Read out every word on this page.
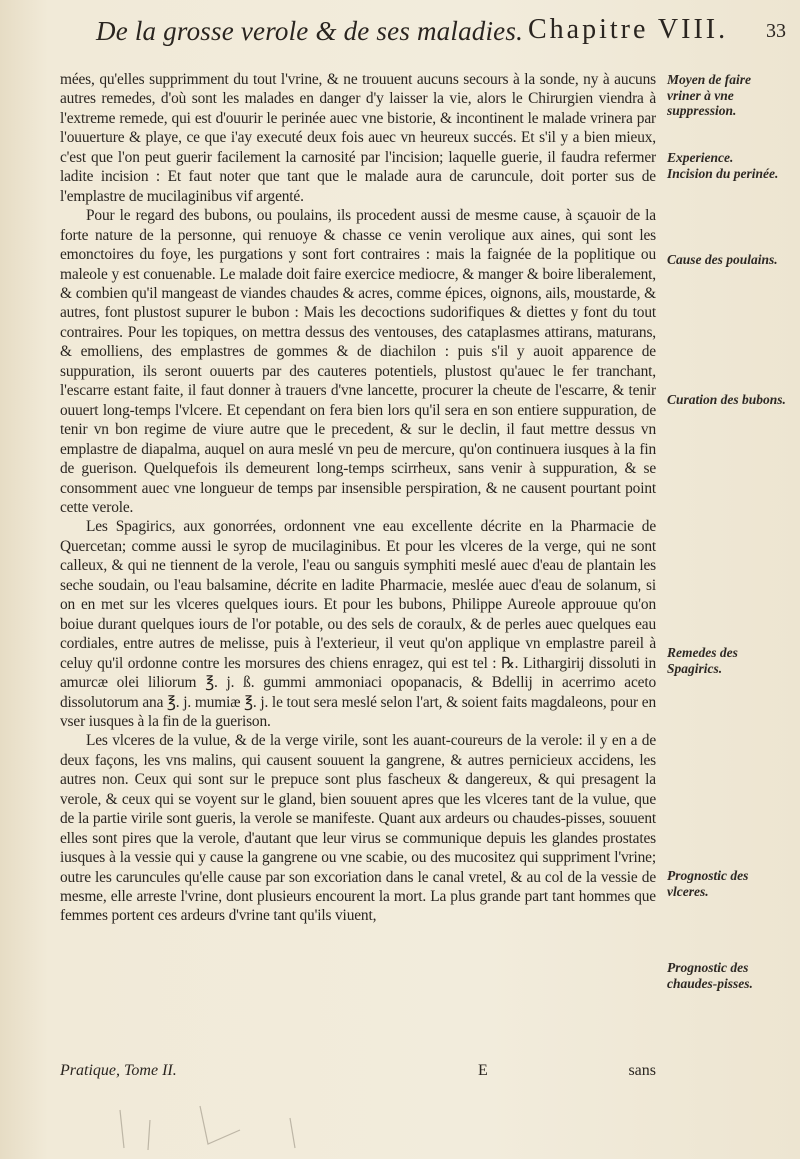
De la grosse verole & de ses maladies. Chapitre VIII. 33

mées, qu'elles supprimment du tout l'vrine, & ne trouuent aucuns secours à la sonde, ny à aucuns autres remedes, d'où sont les malades en danger d'y laisser la vie, alors le Chirurgien viendra à l'extreme remede, qui est d'ouurir le perinée auec vne bistorie, & incontinent le malade vrinera par l'ouuerture & playe, ce que i'ay executé deux fois auec vn heureux succés. Et s'il y a bien mieux, c'est que l'on peut guerir facilement la carnosité par l'incision; laquelle guerie, il faudra refermer ladite incision : Et faut noter que tant que le malade aura de caruncule, doit porter sus de l'emplastre de mucilaginibus vif argenté.

Pour le regard des bubons, ou poulains, ils procedent aussi de mesme cause, à sçauoir de la forte nature de la personne, qui renuoye & chasse ce venin verolique aux aines, qui sont les emonctoires du foye, les purgations y sont fort contraires : mais la faignée de la poplitique ou maleole y est conuenable. Le malade doit faire exercice mediocre, & manger & boire liberalement, & combien qu'il mangeast de viandes chaudes & acres, comme épices, oignons, ails, moustarde, & autres, font plustost supurer le bubon : Mais les decoctions sudorifiques & diettes y font du tout contraires. Pour les topiques, on mettra dessus des ventouses, des cataplasmes attirans, maturans, & emolliens, des emplastres de gommes & de diachilon : puis s'il y auoit apparence de suppuration, ils seront ouuerts par des cauteres potentiels, plustost qu'auec le fer tranchant, l'escarre estant faite, il faut donner à trauers d'vne lancette, procurer la cheute de l'escarre, & tenir ouuert long-temps l'vlcere. Et cependant on fera bien lors qu'il sera en son entiere suppuration, de tenir vn bon regime de viure autre que le precedent, & sur le declin, il faut mettre dessus vn emplastre de diapalma, auquel on aura meslé vn peu de mercure, qu'on continuera iusques à la fin de guerison. Quelquefois ils demeurent long-temps scirrheux, sans venir à suppuration, & se consomment auec vne longueur de temps par insensible perspiration, & ne causent pourtant point cette verole.

Les Spagirics, aux gonorrées, ordonnent vne eau excellente décrite en la Pharmacie de Quercetan; comme aussi le syrop de mucilaginibus. Et pour les vlceres de la verge, qui ne sont calleux, & qui ne tiennent de la verole, l'eau ou sanguis symphiti meslé auec d'eau de plantain les seche soudain, ou l'eau balsamine, décrite en ladite Pharmacie, meslée auec d'eau de solanum, si on en met sur les vlceres quelques iours. Et pour les bubons, Philippe Aureole approuue qu'on boiue durant quelques iours de l'or potable, ou des sels de coraulx, & de perles auec quelques eau cordiales, entre autres de melisse, puis à l'exterieur, il veut qu'on applique vn emplastre pareil à celuy qu'il ordonne contre les morsures des chiens enragez, qui est tel : ℞. Lithargirij dissoluti in amurcæ olei liliorum ℥. j. ß. gummi ammoniaci opopanacis, & Bdellij in acerrimo aceto dissolutorum ana ℥. j. mumiæ ℥. j. le tout sera meslé selon l'art, & soient faits magdaleons, pour en vser iusques à la fin de la guerison.

Les vlceres de la vulue, & de la verge virile, sont les auant-coureurs de la verole: il y en a de deux façons, les vns malins, qui causent souuent la gangrene, & autres pernicieux accidens, les autres non. Ceux qui sont sur le prepuce sont plus fascheux & dangereux, & qui presagent la verole, & ceux qui se voyent sur le gland, bien souuent apres que les vlceres tant de la vulue, que de la partie virile sont gueris, la verole se manifeste. Quant aux ardeurs ou chaudes-pisses, souuent elles sont pires que la verole, d'autant que leur virus se communique depuis les glandes prostates iusques à la vessie qui y cause la gangrene ou vne scabie, ou des mucositez qui suppriment l'vrine; outre les caruncules qu'elle cause par son excoriation dans le canal vretel, & au col de la vessie de mesme, elle arreste l'vrine, dont plusieurs encourent la mort. La plus grande part tant hommes que femmes portent ces ardeurs d'vrine tant qu'ils viuent,

Moyen de faire vriner à vne suppression.
Experience.
Incision du perinée.
Cause des poulains.
Curation des bubons.
Remedes des Spagirics.
Prognostic des vlceres.
Prognostic des chaudes-pisses.
Pratique, Tome II.	E	sans
